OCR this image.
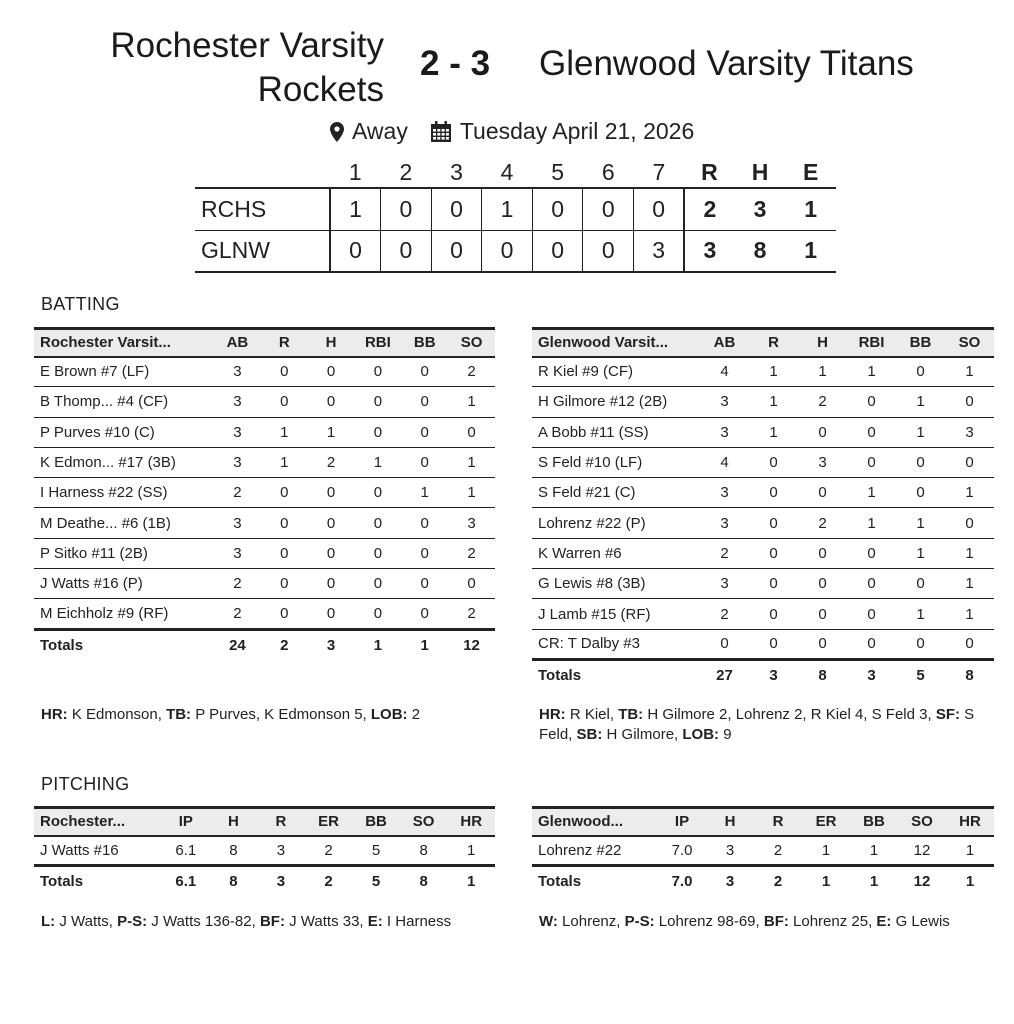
Rochester Varsity Rockets
2 - 3 Glenwood Varsity Titans
Away Tuesday April 21, 2026
	1	2	3	4	5	6	7	R	H	E
RCHS	1	0	0	1	0	0	0	2	3	1
GLNW	0	0	0	0	0	0	3	3	8	1
BATTING
Rochester Varsit...	AB	R	H	RBI	BB	SO
E Brown #7 (LF)	3	0	0	0	0	2
B Thomp... #4 (CF)	3	0	0	0	0	1
P Purves #10 (C)	3	1	1	0	0	0
K Edmon... #17 (3B)	3	1	2	1	0	1
I Harness #22 (SS)	2	0	0	0	1	1
M Deathe... #6 (1B)	3	0	0	0	0	3
P Sitko #11 (2B)	3	0	0	0	0	2
J Watts #16 (P)	2	0	0	0	0	0
M Eichholz #9 (RF)	2	0	0	0	0	2
Totals	24	2	3	1	1	12
Glenwood Varsit...	AB	R	H	RBI	BB	SO
R Kiel #9 (CF)	4	1	1	1	0	1
H Gilmore #12 (2B)	3	1	2	0	1	0
A Bobb #11 (SS)	3	1	0	0	1	3
S Feld #10 (LF)	4	0	3	0	0	0
S Feld #21 (C)	3	0	0	1	0	1
Lohrenz #22 (P)	3	0	2	1	1	0
K Warren #6	2	0	0	0	1	1
G Lewis #8 (3B)	3	0	0	0	0	1
J Lamb #15 (RF)	2	0	0	0	1	1
CR: T Dalby #3	0	0	0	0	0	0
Totals	27	3	8	3	5	8
HR: K Edmonson, TB: P Purves, K Edmonson 5, LOB: 2	HR: R Kiel, TB: H Gilmore 2, Lohrenz 2, R Kiel 4, S Feld 3, SF: S Feld, SB: H Gilmore, LOB: 9
PITCHING
Rochester...	IP	H	R	ER	BB	SO	HR
J Watts #16	6.1	8	3	2	5	8	1
Totals	6.1	8	3	2	5	8	1
Glenwood...	IP	H	R	ER	BB	SO	HR
Lohrenz #22	7.0	3	2	1	1	12	1
Totals	7.0	3	2	1	1	12	1
L: J Watts, P-S: J Watts 136-82, BF: J Watts 33, E: I Harness	W: Lohrenz, P-S: Lohrenz 98-69, BF: Lohrenz 25, E: G Lewis
